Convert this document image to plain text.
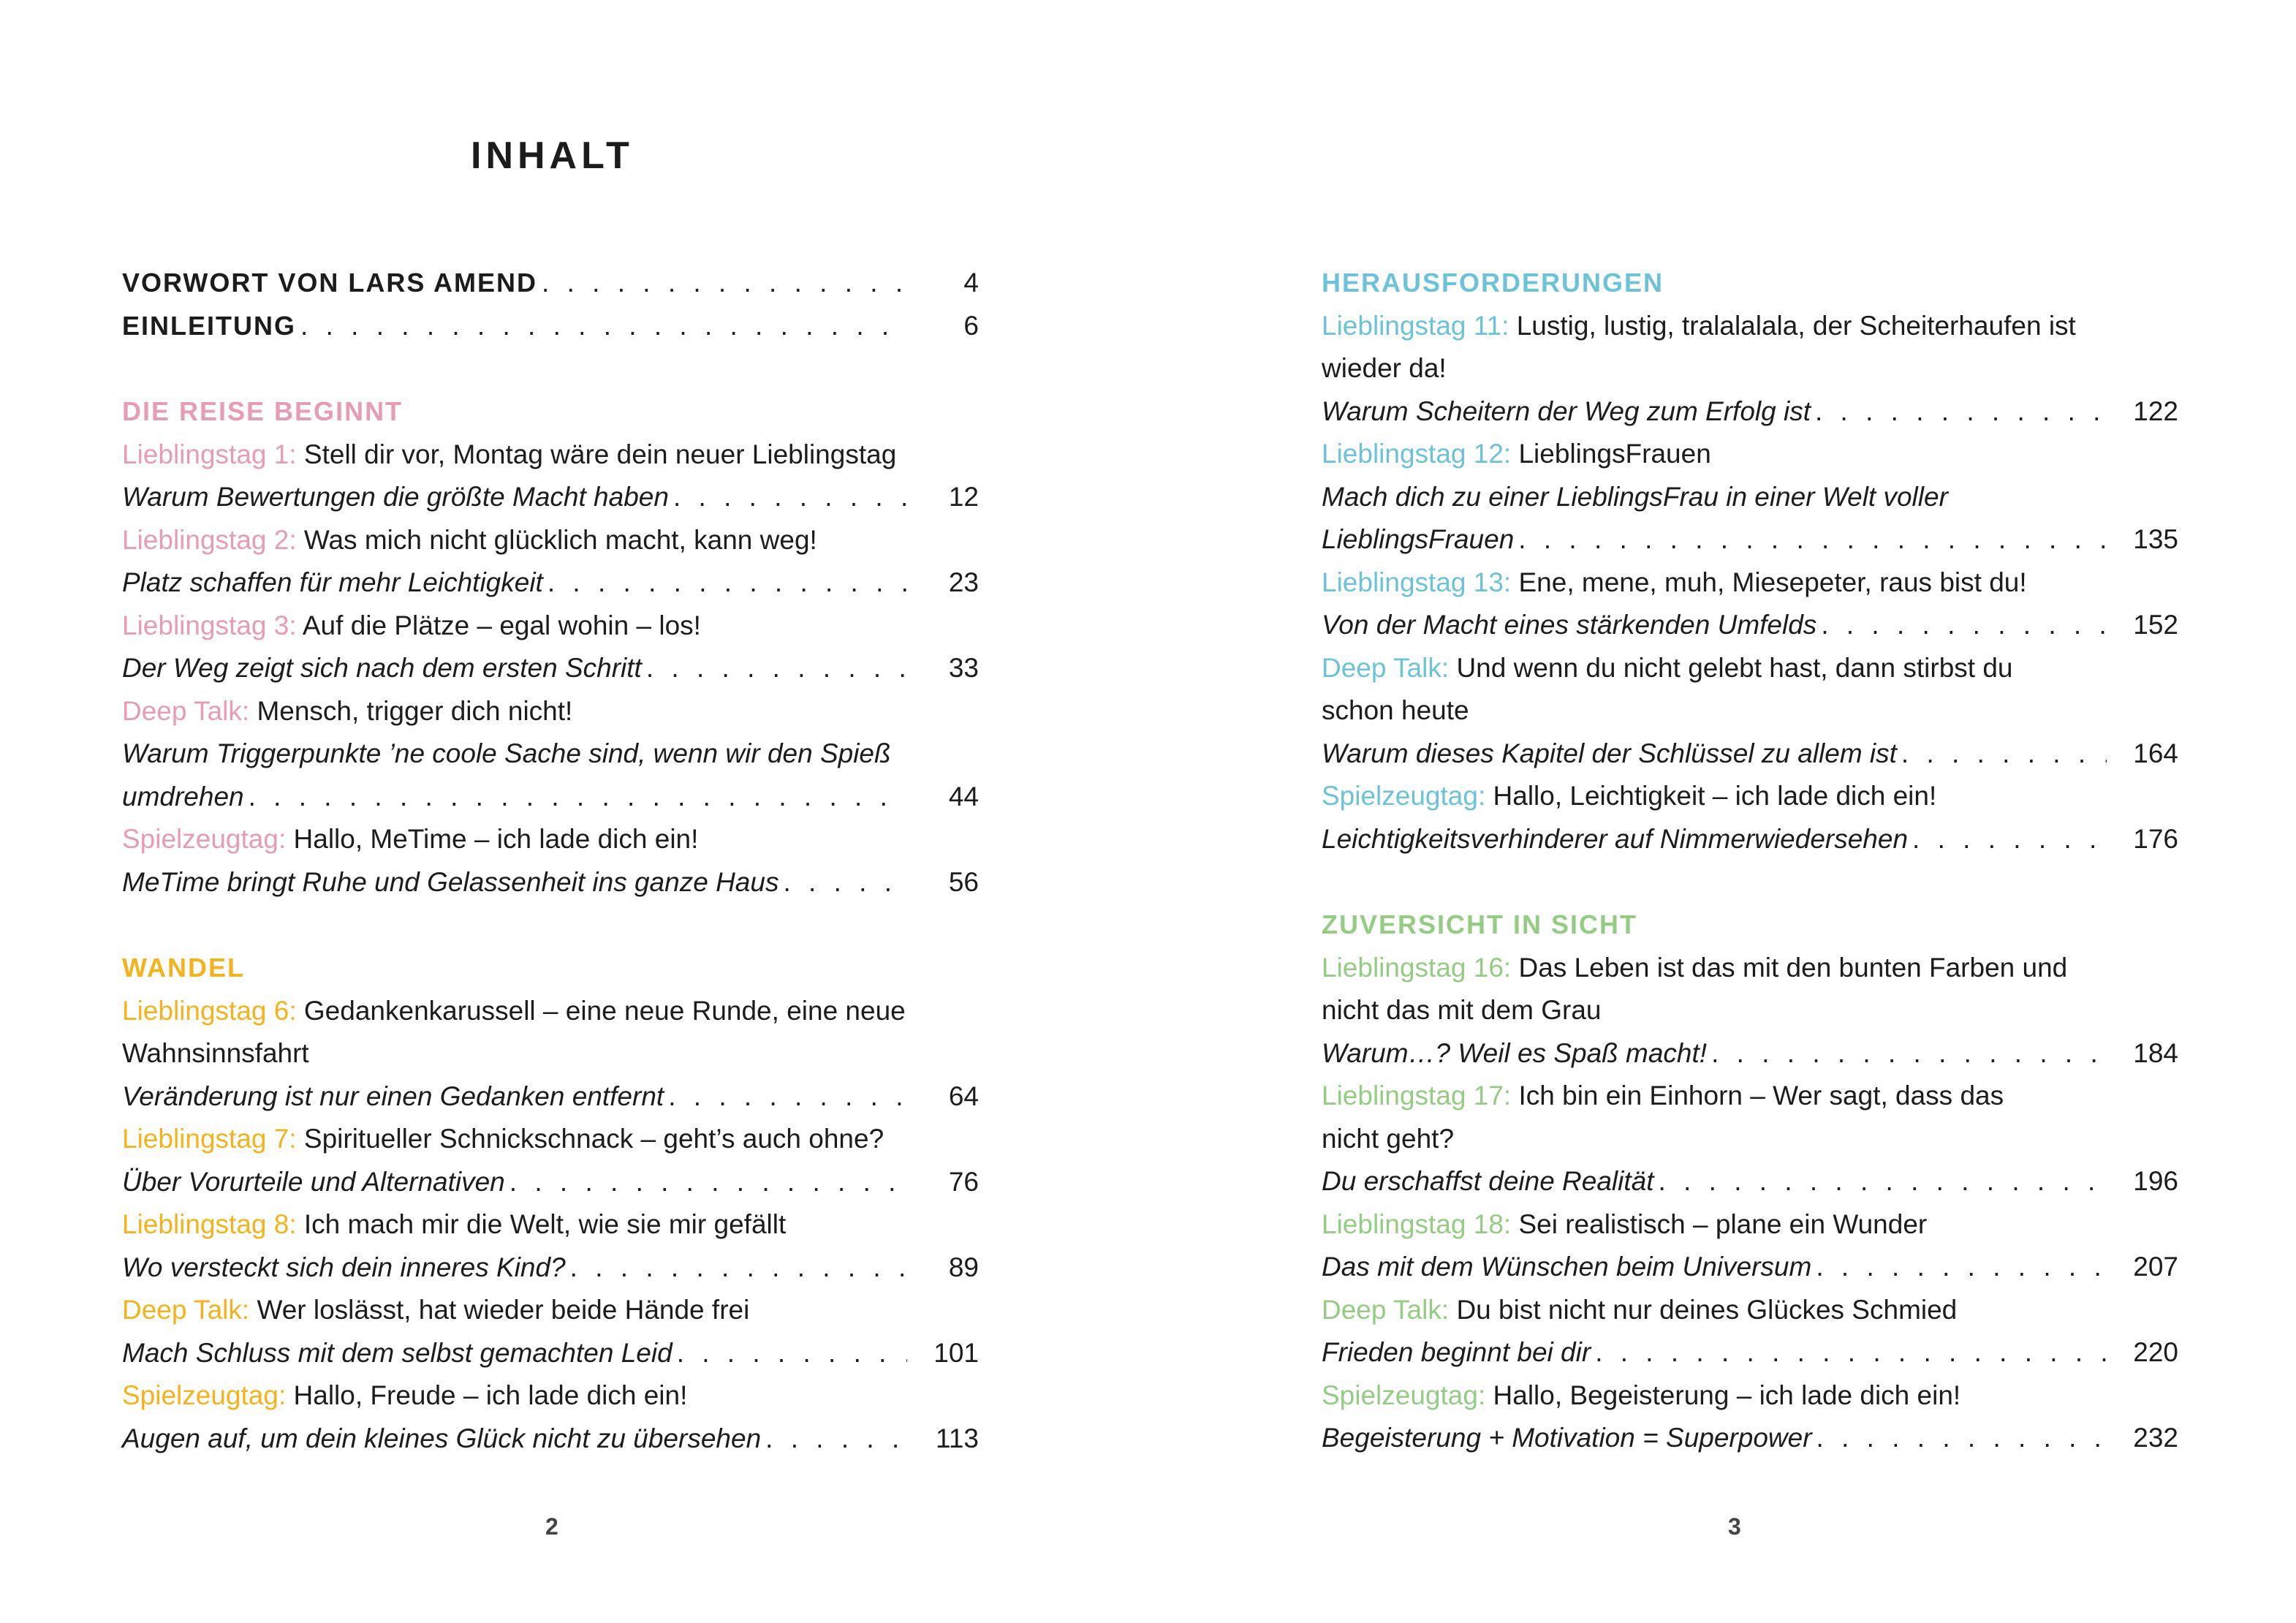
INHALT
VORWORT VON LARS AMEND . . .	4
EINLEITUNG . . .	6
DIE REISE BEGINNT
Lieblingstag 1: Stell dir vor, Montag wäre dein neuer Lieblingstag
Warum Bewertungen die größte Macht haben . . .	12
Lieblingstag 2: Was mich nicht glücklich macht, kann weg!
Platz schaffen für mehr Leichtigkeit . . .	23
Lieblingstag 3: Auf die Plätze – egal wohin – los!
Der Weg zeigt sich nach dem ersten Schritt . . .	33
Deep Talk: Mensch, trigger dich nicht!
Warum Triggerpunkte ’ne coole Sache sind, wenn wir den Spieß
umdrehen . . .	44
Spielzeugtag: Hallo, MeTime – ich lade dich ein!
MeTime bringt Ruhe und Gelassenheit ins ganze Haus . . .	56
WANDEL
Lieblingstag 6: Gedankenkarussell – eine neue Runde, eine neue
Wahnsinnsfahrt
Veränderung ist nur einen Gedanken entfernt . . .	64
Lieblingstag 7: Spiritueller Schnickschnack – geht’s auch ohne?
Über Vorurteile und Alternativen . . .	76
Lieblingstag 8: Ich mach mir die Welt, wie sie mir gefällt
Wo versteckt sich dein inneres Kind? . . .	89
Deep Talk: Wer loslässt, hat wieder beide Hände frei
Mach Schluss mit dem selbst gemachten Leid . . .	101
Spielzeugtag: Hallo, Freude – ich lade dich ein!
Augen auf, um dein kleines Glück nicht zu übersehen . . .	113
2
HERAUSFORDERUNGEN
Lieblingstag 11: Lustig, lustig, tralalalala, der Scheiterhaufen ist
wieder da!
Warum Scheitern der Weg zum Erfolg ist . . .	122
Lieblingstag 12: LieblingsFrauen
Mach dich zu einer LieblingsFrau in einer Welt voller
LieblingsFrauen . . .	135
Lieblingstag 13: Ene, mene, muh, Miesepeter, raus bist du!
Von der Macht eines stärkenden Umfelds . . .	152
Deep Talk: Und wenn du nicht gelebt hast, dann stirbst du
schon heute
Warum dieses Kapitel der Schlüssel zu allem ist . . .	164
Spielzeugtag: Hallo, Leichtigkeit – ich lade dich ein!
Leichtigkeitsverhinderer auf Nimmerwiedersehen . . .	176
ZUVERSICHT IN SICHT
Lieblingstag 16: Das Leben ist das mit den bunten Farben und
nicht das mit dem Grau
Warum…? Weil es Spaß macht! . . .	184
Lieblingstag 17: Ich bin ein Einhorn – Wer sagt, dass das
nicht geht?
Du erschaffst deine Realität . . .	196
Lieblingstag 18: Sei realistisch – plane ein Wunder
Das mit dem Wünschen beim Universum . . .	207
Deep Talk: Du bist nicht nur deines Glückes Schmied
Frieden beginnt bei dir . . .	220
Spielzeugtag: Hallo, Begeisterung – ich lade dich ein!
Begeisterung + Motivation = Superpower . . .	232
3
